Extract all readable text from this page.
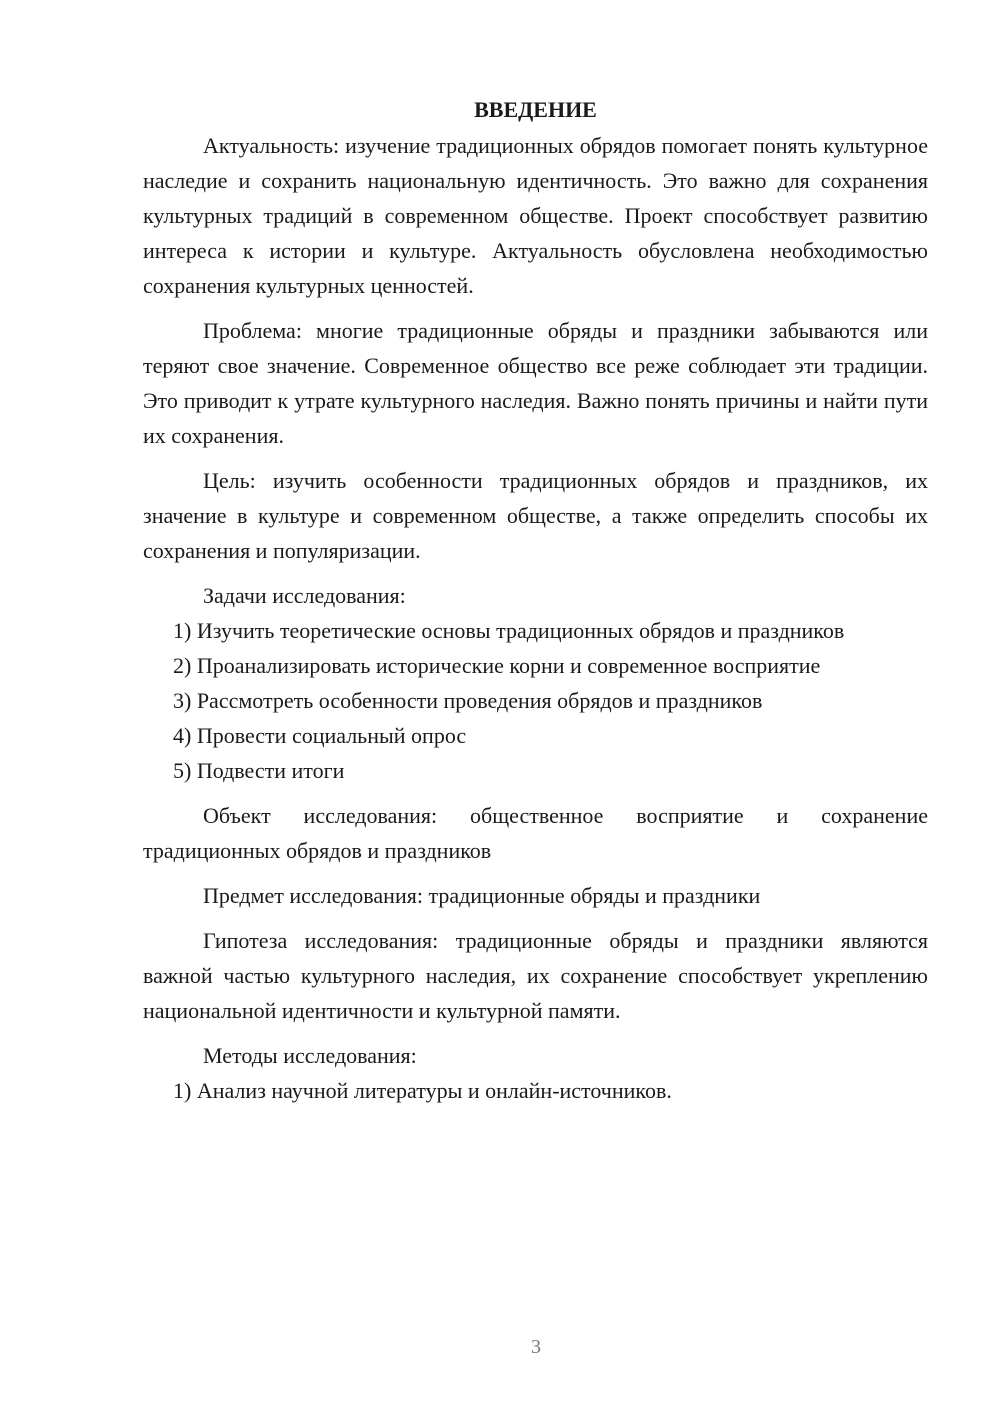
ВВЕДЕНИЕ

Актуальность: изучение традиционных обрядов помогает понять культурное наследие и сохранить национальную идентичность. Это важно для сохранения культурных традиций в современном обществе. Проект способствует развитию интереса к истории и культуре. Актуальность обусловлена необходимостью сохранения культурных ценностей.

Проблема: многие традиционные обряды и праздники забываются или теряют свое значение. Современное общество все реже соблюдает эти традиции. Это приводит к утрате культурного наследия. Важно понять причины и найти пути их сохранения.

Цель: изучить особенности традиционных обрядов и праздников, их значение в культуре и современном обществе, а также определить способы их сохранения и популяризации.

Задачи исследования:

1) Изучить теоретические основы традиционных обрядов и праздников

2) Проанализировать исторические корни и современное восприятие

3) Рассмотреть особенности проведения обрядов и праздников

4) Провести социальный опрос

5) Подвести итоги

Объект исследования: общественное восприятие и сохранение традиционных обрядов и праздников

Предмет исследования: традиционные обряды и праздники

Гипотеза исследования: традиционные обряды и праздники являются важной частью культурного наследия, их сохранение способствует укреплению национальной идентичности и культурной памяти.

Методы исследования:

1) Анализ научной литературы и онлайн-источников.

3
